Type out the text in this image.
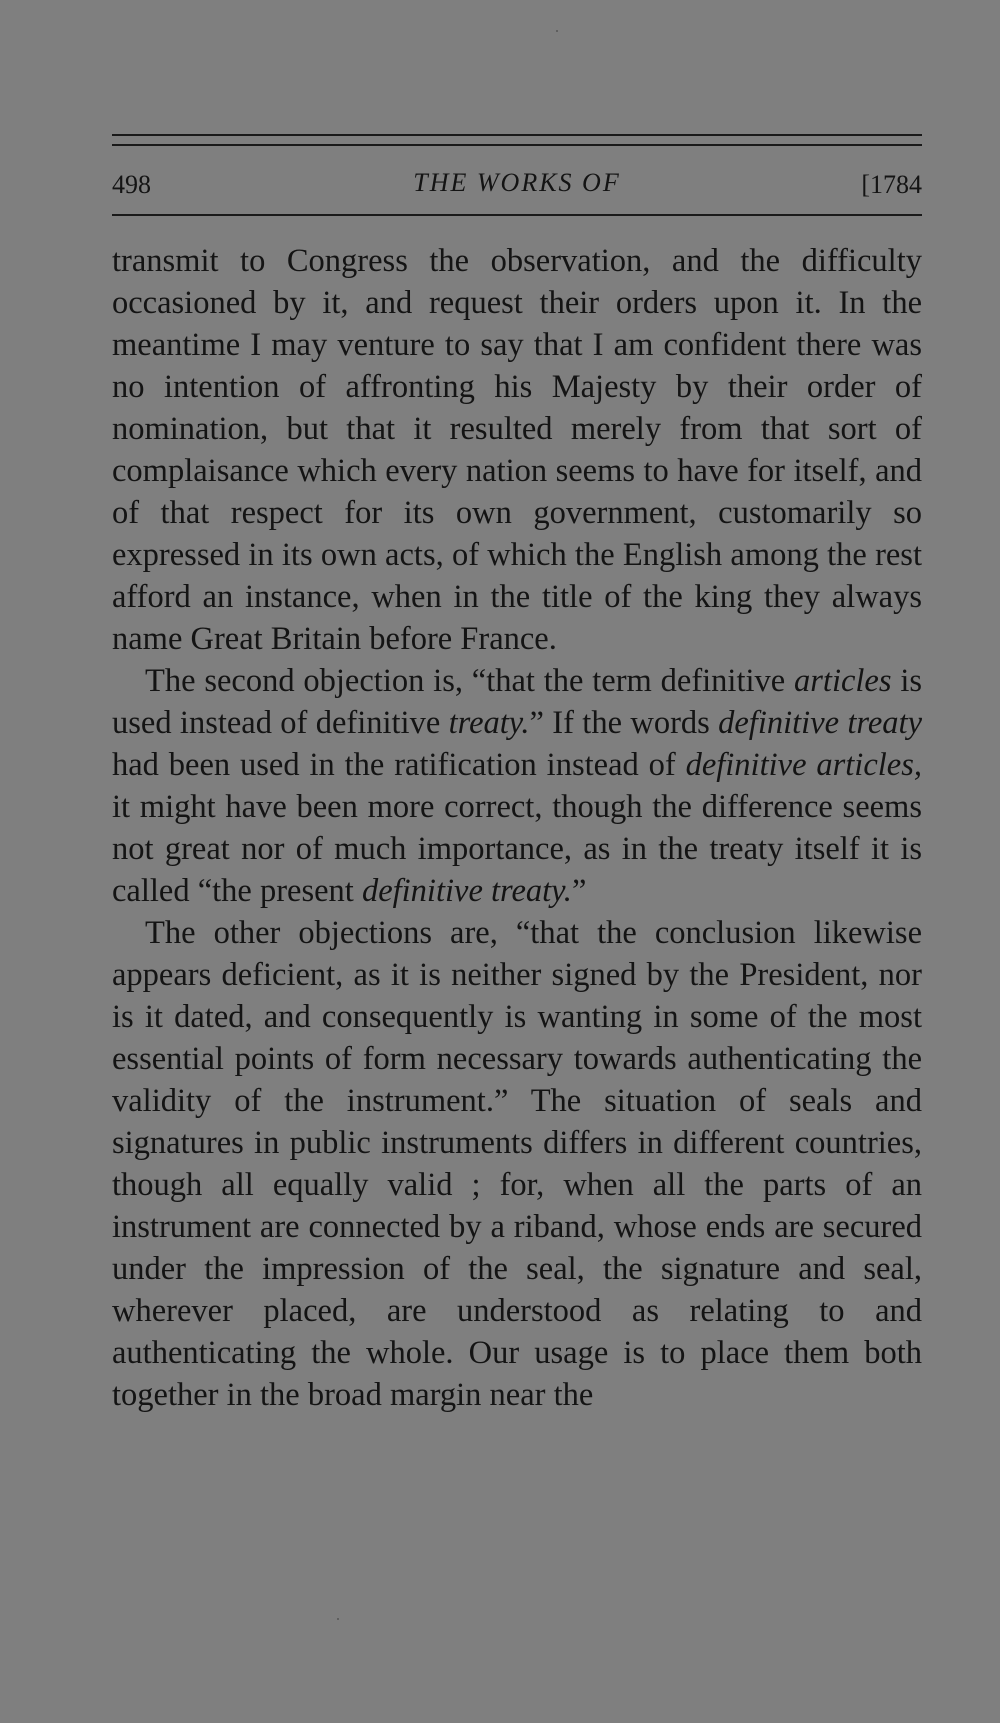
498	THE WORKS OF	[1784

transmit to Congress the observation, and the difficulty occasioned by it, and request their orders upon it. In the meantime I may venture to say that I am confident there was no intention of affronting his Majesty by their order of nomination, but that it resulted merely from that sort of complaisance which every nation seems to have for itself, and of that respect for its own government, customarily so expressed in its own acts, of which the English among the rest afford an instance, when in the title of the king they always name Great Britain before France.

The second objection is, “that the term definitive articles is used instead of definitive treaty.” If the words definitive treaty had been used in the ratification instead of definitive articles, it might have been more correct, though the difference seems not great nor of much importance, as in the treaty itself it is called “the present definitive treaty.”

The other objections are, “that the conclusion likewise appears deficient, as it is neither signed by the President, nor is it dated, and consequently is wanting in some of the most essential points of form necessary towards authenticating the validity of the instrument.” The situation of seals and signatures in public instruments differs in different countries, though all equally valid ; for, when all the parts of an instrument are connected by a riband, whose ends are secured under the impression of the seal, the signature and seal, wherever placed, are understood as relating to and authenticating the whole. Our usage is to place them both together in the broad margin near the
